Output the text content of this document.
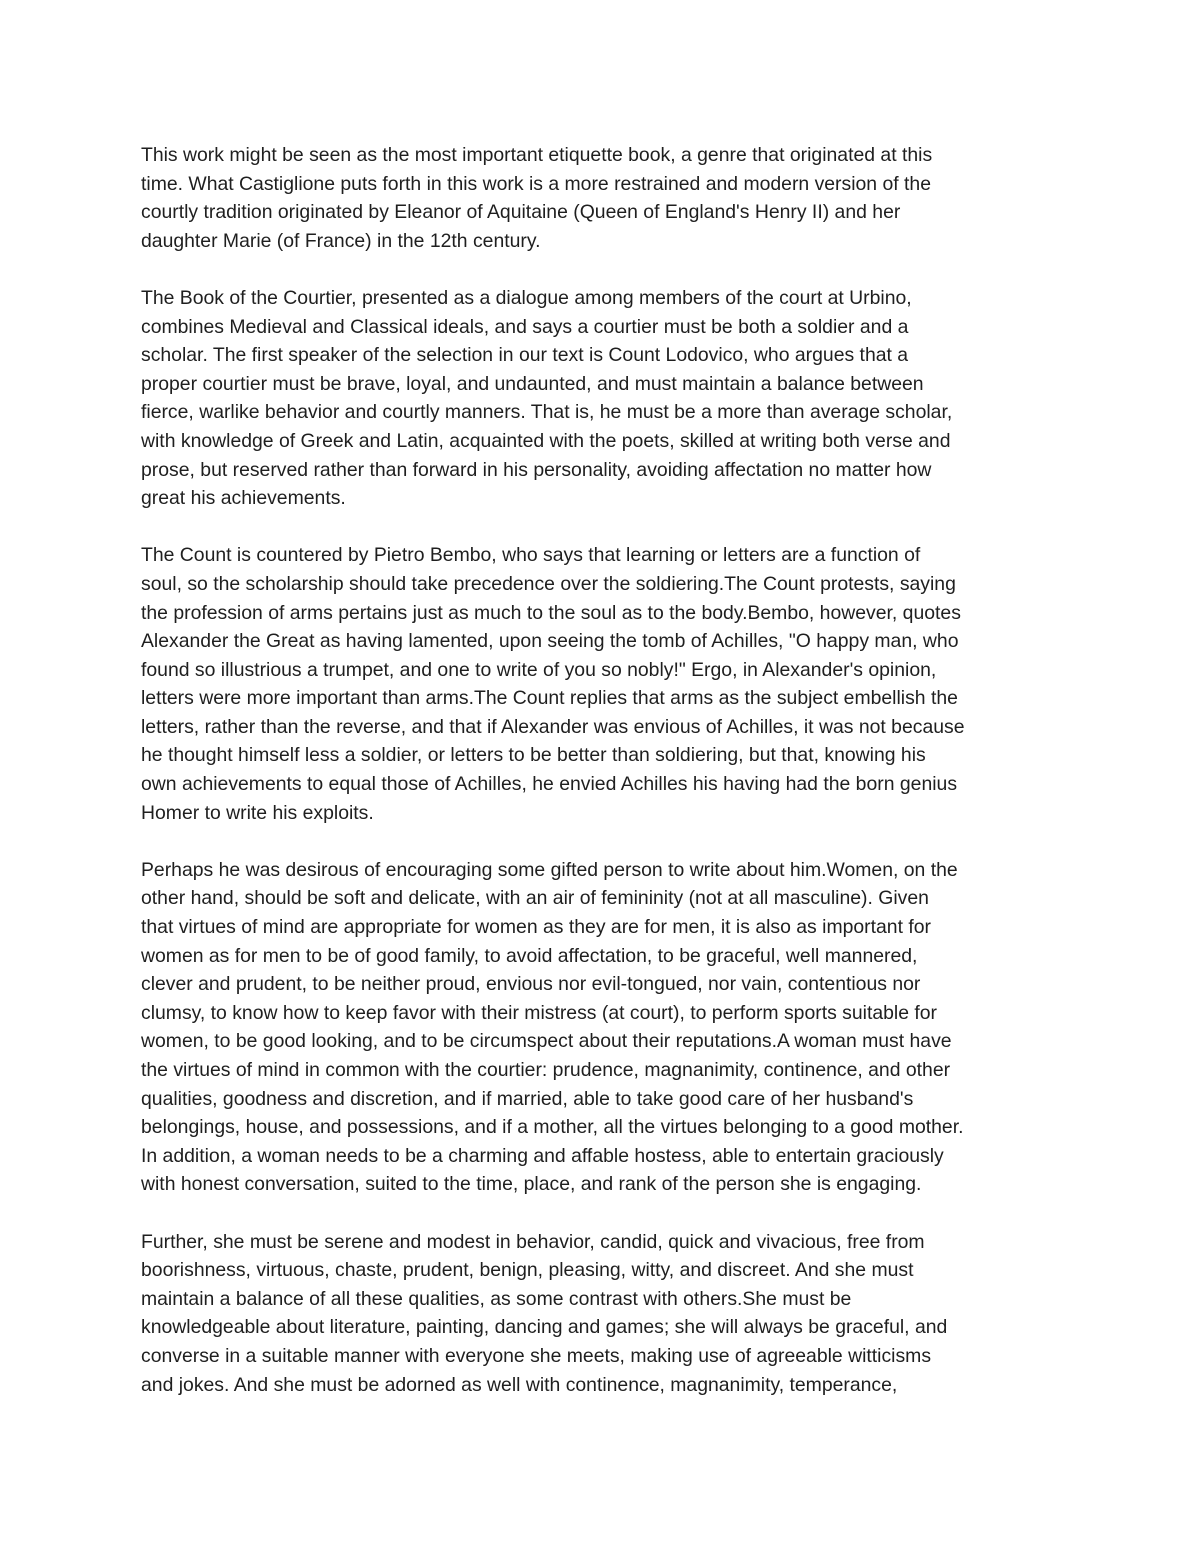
This work might be seen as the most important etiquette book, a genre that originated at this
time. What Castiglione puts forth in this work is a more restrained and modern version of the
courtly tradition originated by Eleanor of Aquitaine (Queen of England's Henry II) and her
daughter Marie (of France) in the 12th century.
The Book of the Courtier, presented as a dialogue among members of the court at Urbino,
combines Medieval and Classical ideals, and says a courtier must be both a soldier and a
scholar. The first speaker of the selection in our text is Count Lodovico, who argues that a
proper courtier must be brave, loyal, and undaunted, and must maintain a balance between
fierce, warlike behavior and courtly manners. That is, he must be a more than average scholar,
with knowledge of Greek and Latin, acquainted with the poets, skilled at writing both verse and
prose, but reserved rather than forward in his personality, avoiding affectation no matter how
great his achievements.
The Count is countered by Pietro Bembo, who says that learning or letters are a function of
soul, so the scholarship should take precedence over the soldiering.The Count protests, saying
the profession of arms pertains just as much to the soul as to the body.Bembo, however, quotes
Alexander the Great as having lamented, upon seeing the tomb of Achilles, "O happy man, who
found so illustrious a trumpet, and one to write of you so nobly!" Ergo, in Alexander's opinion,
letters were more important than arms.The Count replies that arms as the subject embellish the
letters, rather than the reverse, and that if Alexander was envious of Achilles, it was not because
he thought himself less a soldier, or letters to be better than soldiering, but that, knowing his
own achievements to equal those of Achilles, he envied Achilles his having had the born genius
Homer to write his exploits.
Perhaps he was desirous of encouraging some gifted person to write about him.Women, on the
other hand, should be soft and delicate, with an air of femininity (not at all masculine). Given
that virtues of mind are appropriate for women as they are for men, it is also as important for
women as for men to be of good family, to avoid affectation, to be graceful, well mannered,
clever and prudent, to be neither proud, envious nor evil-tongued, nor vain, contentious nor
clumsy, to know how to keep favor with their mistress (at court), to perform sports suitable for
women, to be good looking, and to be circumspect about their reputations.A woman must have
the virtues of mind in common with the courtier: prudence, magnanimity, continence, and other
qualities, goodness and discretion, and if married, able to take good care of her husband's
belongings, house, and possessions, and if a mother, all the virtues belonging to a good mother.
In addition, a woman needs to be a charming and affable hostess, able to entertain graciously
with honest conversation, suited to the time, place, and rank of the person she is engaging.
Further, she must be serene and modest in behavior, candid, quick and vivacious, free from
boorishness, virtuous, chaste, prudent, benign, pleasing, witty, and discreet. And she must
maintain a balance of all these qualities, as some contrast with others.She must be
knowledgeable about literature, painting, dancing and games; she will always be graceful, and
converse in a suitable manner with everyone she meets, making use of agreeable witticisms
and jokes. And she must be adorned as well with continence, magnanimity, temperance,
